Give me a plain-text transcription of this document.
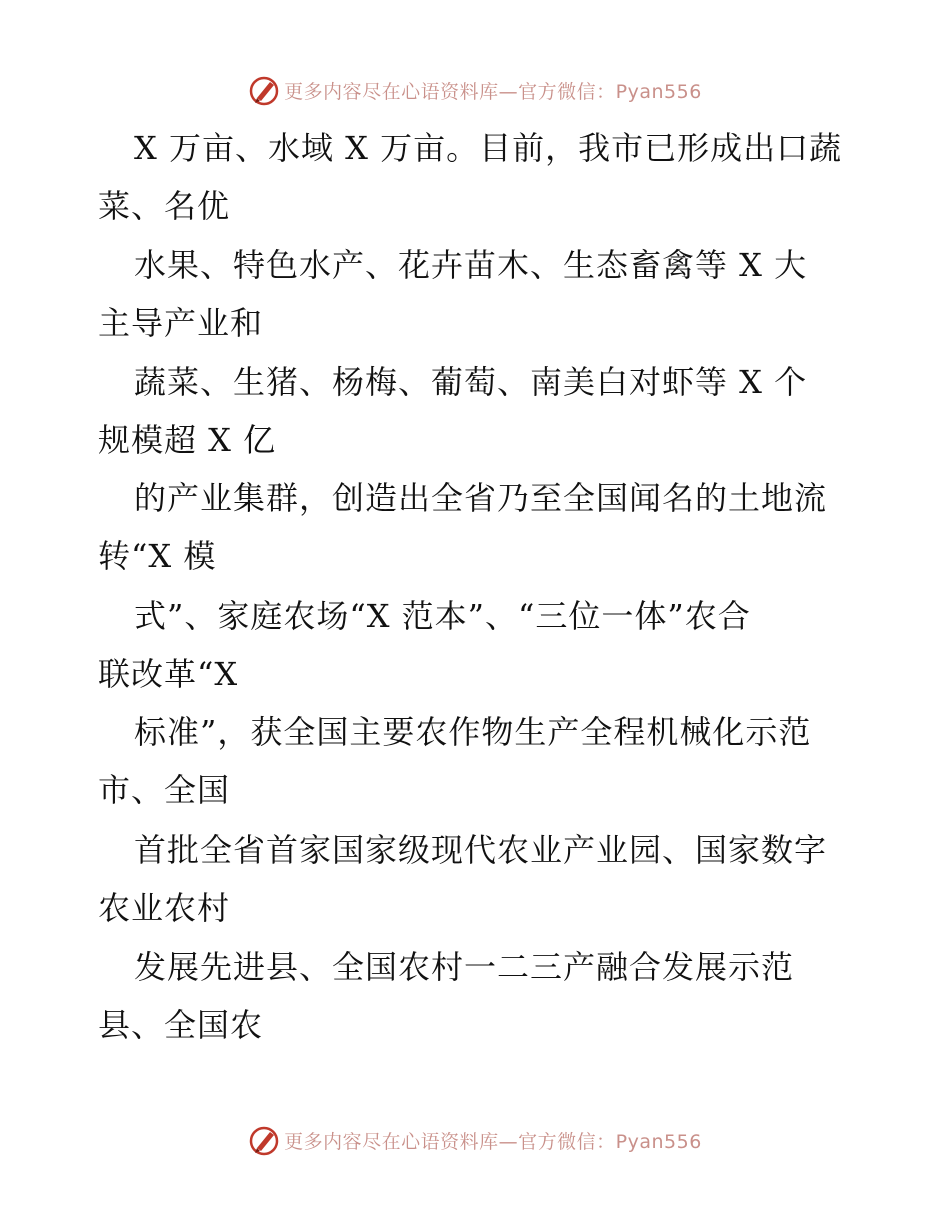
更多内容尽在心语资料库—官方微信：Pyan556
X 万亩、水域 X 万亩。目前，我市已形成出口蔬
菜、名优
水果、特色水产、花卉苗木、生态畜禽等 X 大
主导产业和
蔬菜、生猪、杨梅、葡萄、南美白对虾等 X 个
规模超 X 亿
的产业集群，创造出全省乃至全国闻名的土地流
转“X 模
式”、家庭农场“X 范本”、“三位一体”农合
联改革“X
标准”，获全国主要农作物生产全程机械化示范
市、全国
首批全省首家国家级现代农业产业园、国家数字
农业农村
发展先进县、全国农村一二三产融合发展示范
县、全国农
更多内容尽在心语资料库—官方微信：Pyan556
